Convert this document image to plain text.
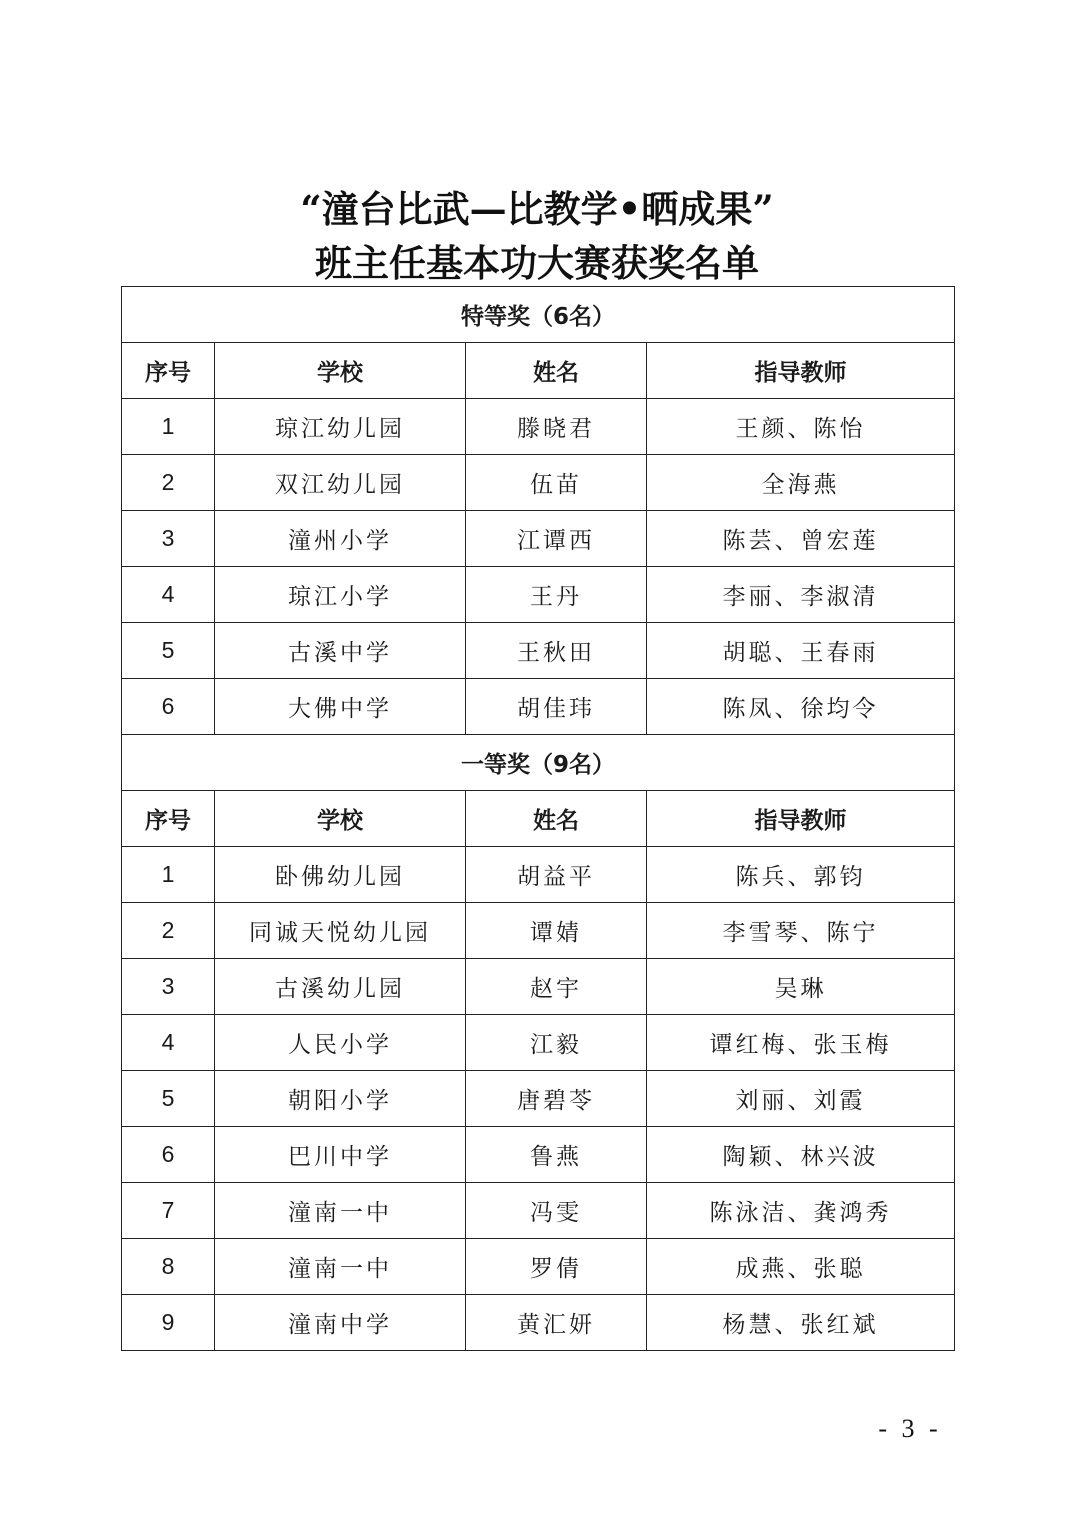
“潼台比武—比教学•晒成果”
班主任基本功大赛获奖名单
特等奖（6名）			
序号	学校	姓名	指导教师
1	琼江幼儿园	滕晓君	王颜、陈怡
2	双江幼儿园	伍苗	全海燕
3	潼州小学	江谭西	陈芸、曾宏莲
4	琼江小学	王丹	李丽、李淑清
5	古溪中学	王秋田	胡聪、王春雨
6	大佛中学	胡佳玮	陈凤、徐均令
一等奖（9名）			
序号	学校	姓名	指导教师
1	卧佛幼儿园	胡益平	陈兵、郭钧
2	同诚天悦幼儿园	谭婧	李雪琴、陈宁
3	古溪幼儿园	赵宇	吴琳
4	人民小学	江毅	谭红梅、张玉梅
5	朝阳小学	唐碧苓	刘丽、刘霞
6	巴川中学	鲁燕	陶颖、林兴波
7	潼南一中	冯雯	陈泳洁、龚鸿秀
8	潼南一中	罗倩	成燕、张聪
9	潼南中学	黄汇妍	杨慧、张红斌
- 3 -
